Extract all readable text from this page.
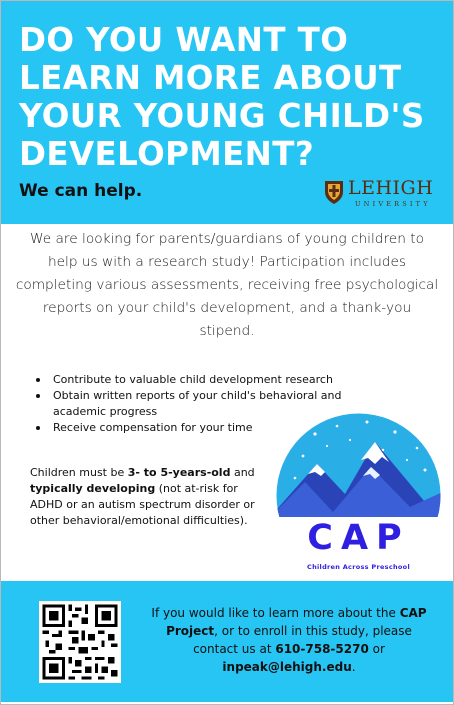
DO YOU WANT TO LEARN MORE ABOUT YOUR YOUNG CHILD'S DEVELOPMENT?

We can help.	LEHIGH
UNIVERSITY

We are looking for parents/guardians of young children to help us with a research study! Participation includes completing various assessments, receiving free psychological reports on your child's development, and a thank-you stipend.

Contribute to valuable child development research
Obtain written reports of your child's behavioral and academic progress
Receive compensation for your time

Children must be 3- to 5-years-old and typically developing (not at-risk for ADHD or an autism spectrum disorder or other behavioral/emotional difficulties).	CAP
Children Across Preschool

If you would like to learn more about the CAP Project, or to enroll in this study, please contact us at 610-758-5270 or inpeak@lehigh.edu.
